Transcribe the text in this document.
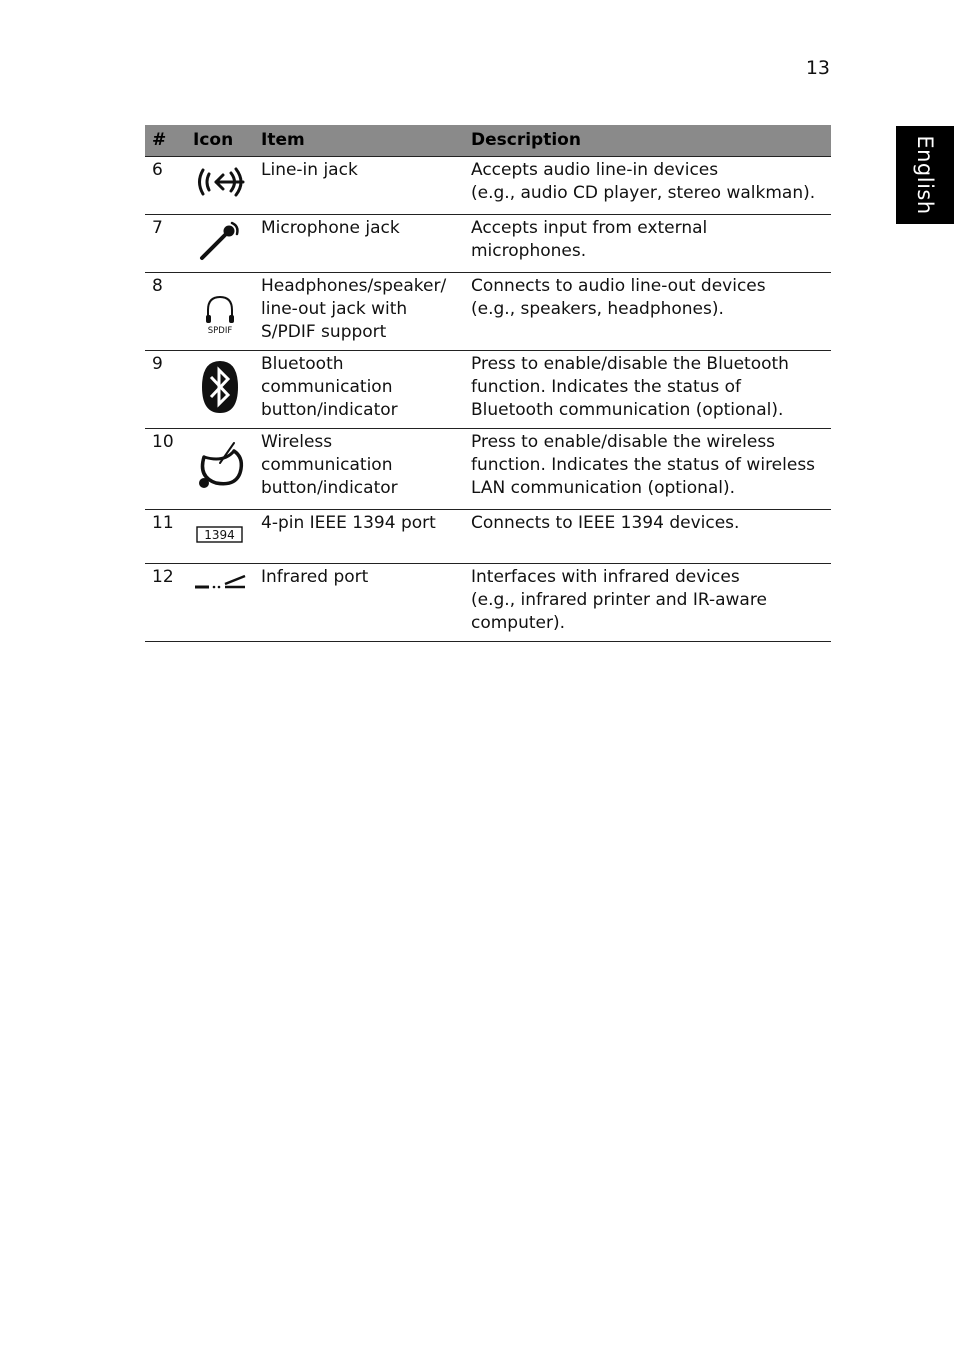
13
English
#	Icon	Item	Description
6		Line-in jack	Accepts audio line-in devices
(e.g., audio CD player, stereo walkman).

7		Microphone jack	Accepts input from external
microphones.

8	SPDIF	Headphones/speaker/
line-out jack with
S/PDIF support	Connects to audio line-out devices
(e.g., speakers, headphones).

9		Bluetooth
communication
button/indicator	Press to enable/disable the Bluetooth
function. Indicates the status of
Bluetooth communication (optional).

10		Wireless
communication
button/indicator	Press to enable/disable the wireless
function. Indicates the status of wireless
LAN communication (optional).

11	1394	4-pin IEEE 1394 port	Connects to IEEE 1394 devices.

12		Infrared port	Interfaces with infrared devices
(e.g., infrared printer and IR-aware
computer).
